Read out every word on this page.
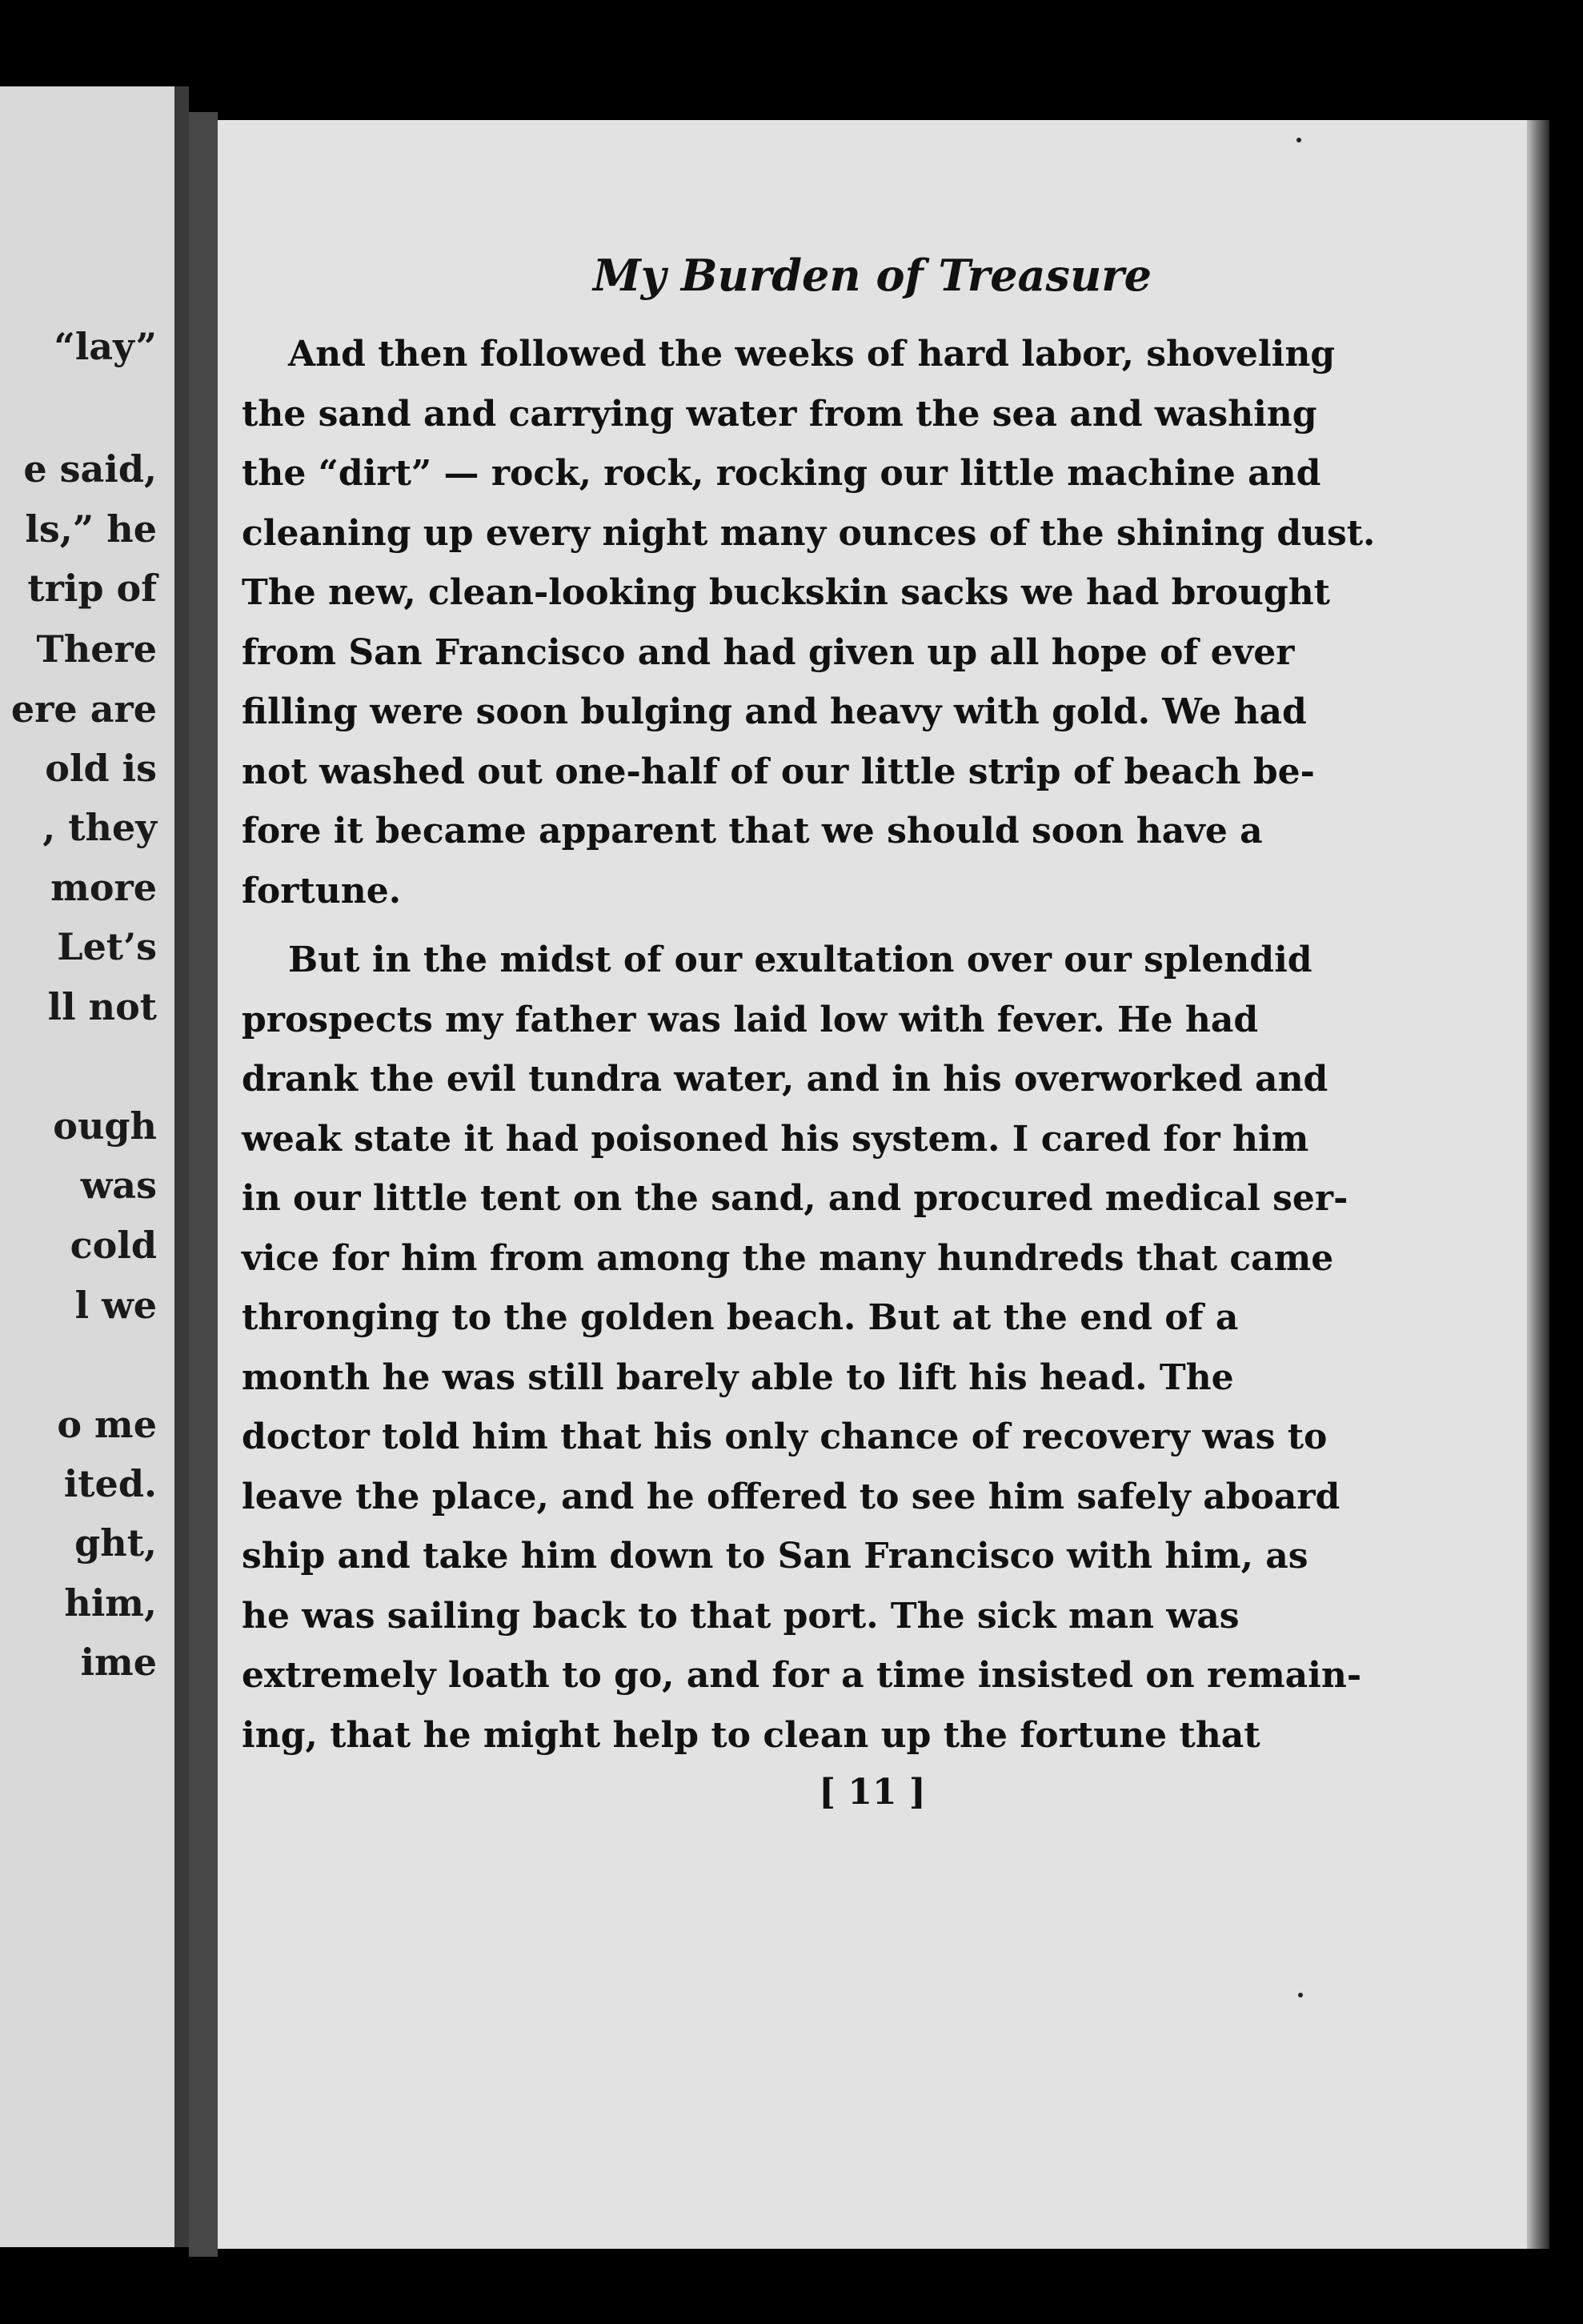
“lay”
e said,
ls,” he
trip of
There
ere are
old is
, they
more
Let’s
ll not
ough
was
cold
l we
o me
ited.
ght,
him,
ime
My Burden of Treasure
And then followed the weeks of hard labor, shoveling
the sand and carrying water from the sea and washing
the “dirt” — rock, rock, rocking our little machine and
cleaning up every night many ounces of the shining dust.
The new, clean-looking buckskin sacks we had brought
from San Francisco and had given up all hope of ever
filling were soon bulging and heavy with gold. We had
not washed out one-half of our little strip of beach be-
fore it became apparent that we should soon have a
fortune.
But in the midst of our exultation over our splendid
prospects my father was laid low with fever. He had
drank the evil tundra water, and in his overworked and
weak state it had poisoned his system. I cared for him
in our little tent on the sand, and procured medical ser-
vice for him from among the many hundreds that came
thronging to the golden beach. But at the end of a
month he was still barely able to lift his head. The
doctor told him that his only chance of recovery was to
leave the place, and he offered to see him safely aboard
ship and take him down to San Francisco with him, as
he was sailing back to that port. The sick man was
extremely loath to go, and for a time insisted on remain-
ing, that he might help to clean up the fortune that
[ 11 ]
